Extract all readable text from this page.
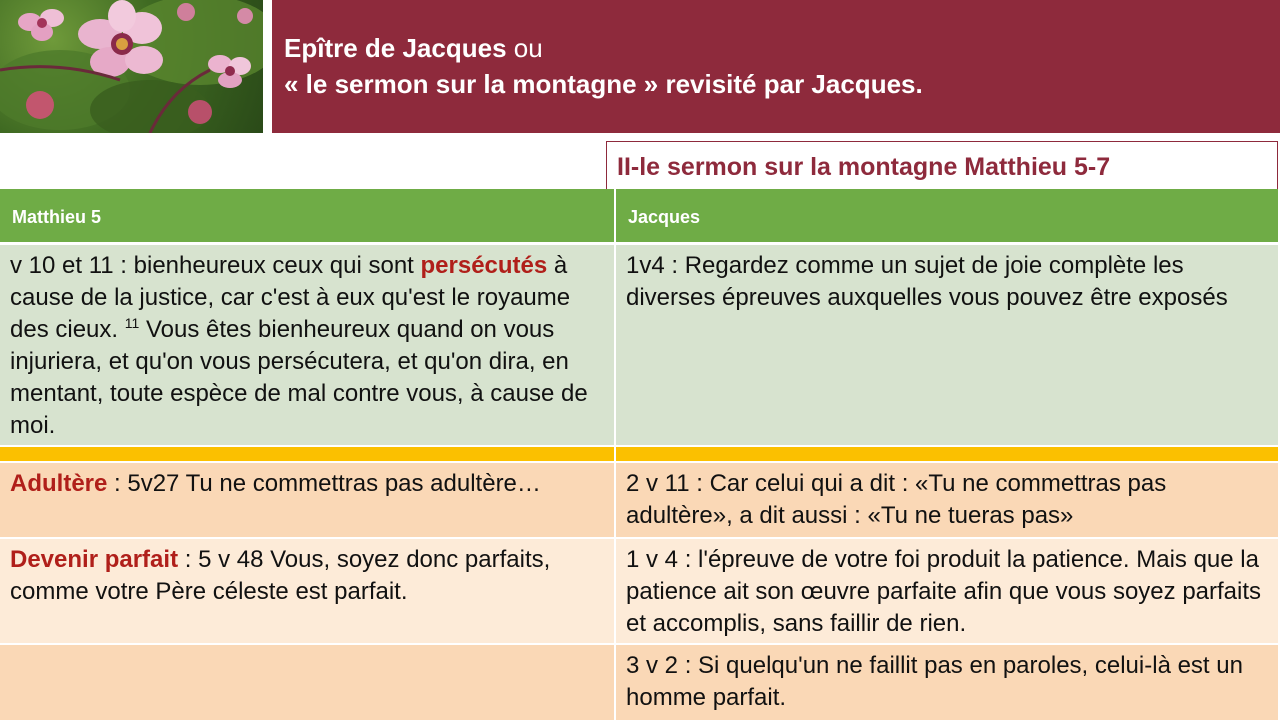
Epître de Jacques ou
« le sermon sur la montagne » revisité par Jacques.
II-le sermon sur la montagne Matthieu 5-7
Matthieu 5	Jacques
v 10 et 11 : bienheureux ceux qui sont persécutés à cause de la justice, car c'est à eux qu'est le royaume des cieux. $^{11}$ Vous êtes bienheureux quand on vous injuriera, et qu'on vous persécutera, et qu'on dira, en mentant, toute espèce de mal contre vous, à cause de moi.
1v4 : Regardez comme un sujet de joie complète les diverses épreuves auxquelles vous pouvez être exposés
Adultère : 5v27 Tu ne commettras pas adultère…	2 v 11 : Car celui qui a dit : «Tu ne commettras pas adultère», a dit aussi : «Tu ne tueras pas»
Devenir parfait : 5 v 48 Vous, soyez donc parfaits, comme votre Père céleste est parfait.
1 v 4 : l'épreuve de votre foi produit la patience. Mais que la patience ait son œuvre parfaite afin que vous soyez parfaits et accomplis, sans faillir de rien.
3 v 2 : Si quelqu'un ne faillit pas en paroles, celui-là est un homme parfait.
